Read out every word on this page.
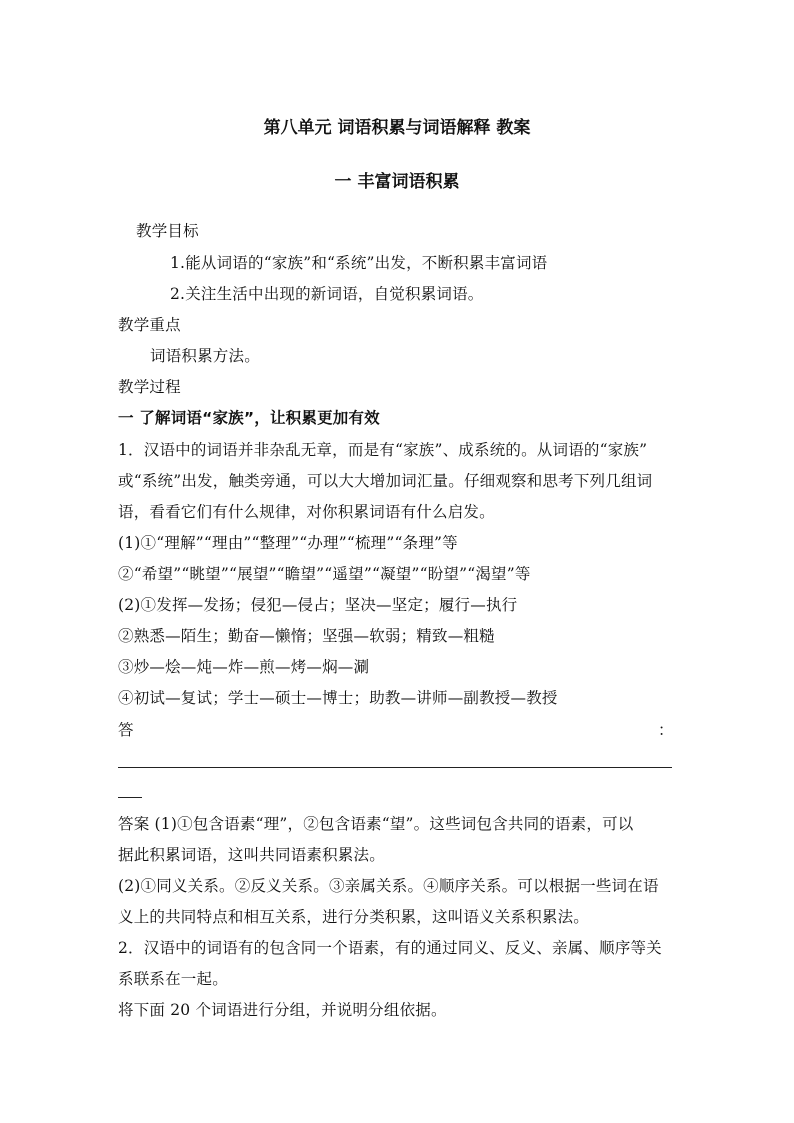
第八单元 词语积累与词语解释 教案
一 丰富词语积累
教学目标
1.能从词语的“家族”和“系统”出发，不断积累丰富词语
2.关注生活中出现的新词语，自觉积累词语。
教学重点
词语积累方法。
教学过程
一 了解词语“家族”，让积累更加有效
1．汉语中的词语并非杂乱无章，而是有“家族”、成系统的。从词语的“家族”
或“系统”出发，触类旁通，可以大大增加词汇量。仔细观察和思考下列几组词
语，看看它们有什么规律，对你积累词语有什么启发。
(1)①“理解”“理由”“整理”“办理”“梳理”“条理”等
②“希望”“眺望”“展望”“瞻望”“遥望”“凝望”“盼望”“渴望”等
(2)①发挥—发扬；侵犯—侵占；坚决—坚定；履行—执行
②熟悉—陌生；勤奋—懒惰；坚强—软弱；精致—粗糙
③炒—烩—炖—炸—煎—烤—焖—涮
④初试—复试；学士—硕士—博士；助教—讲师—副教授—教授
答	：
答案 (1)①包含语素“理”，②包含语素“望”。这些词包含共同的语素，可以
据此积累词语，这叫共同语素积累法。
(2)①同义关系。②反义关系。③亲属关系。④顺序关系。可以根据一些词在语
义上的共同特点和相互关系，进行分类积累，这叫语义关系积累法。
2．汉语中的词语有的包含同一个语素，有的通过同义、反义、亲属、顺序等关
系联系在一起。
将下面 20 个词语进行分组，并说明分组依据。
